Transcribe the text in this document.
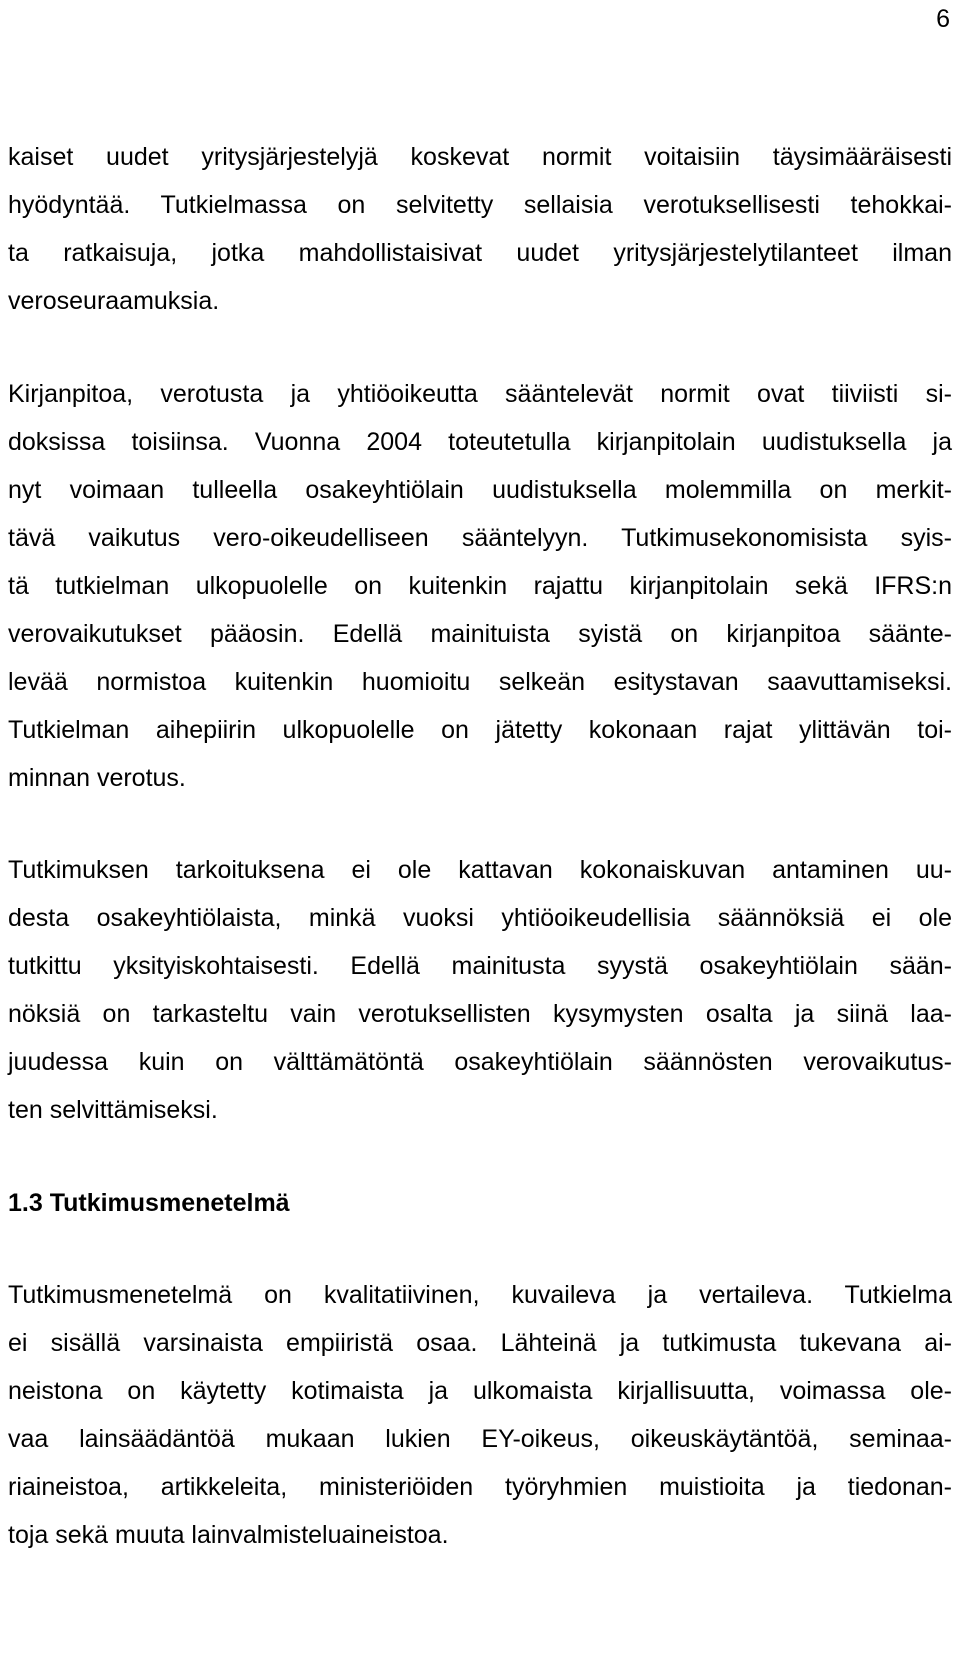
6
kaiset uudet yritysjärjestelyjä koskevat normit voitaisiin täysimääräisesti
hyödyntää. Tutkielmassa on selvitetty sellaisia verotuksellisesti tehokkai-
ta ratkaisuja, jotka mahdollistaisivat uudet yritysjärjestelytilanteet ilman
veroseuraamuksia.
Kirjanpitoa, verotusta ja yhtiöoikeutta sääntelevät normit ovat tiiviisti si-
doksissa toisiinsa. Vuonna 2004 toteutetulla kirjanpitolain uudistuksella ja
nyt voimaan tulleella osakeyhtiölain uudistuksella molemmilla on merkit-
tävä vaikutus vero-oikeudelliseen sääntelyyn. Tutkimusekonomisista syis-
tä tutkielman ulkopuolelle on kuitenkin rajattu kirjanpitolain sekä IFRS:n
verovaikutukset pääosin. Edellä mainituista syistä on kirjanpitoa säänte-
levää normistoa kuitenkin huomioitu selkeän esitystavan saavuttamiseksi.
Tutkielman aihepiirin ulkopuolelle on jätetty kokonaan rajat ylittävän toi-
minnan verotus.
Tutkimuksen tarkoituksena ei ole kattavan kokonaiskuvan antaminen uu-
desta osakeyhtiölaista, minkä vuoksi yhtiöoikeudellisia säännöksiä ei ole
tutkittu yksityiskohtaisesti. Edellä mainitusta syystä osakeyhtiölain sään-
nöksiä on tarkasteltu vain verotuksellisten kysymysten osalta ja siinä laa-
juudessa kuin on välttämätöntä osakeyhtiölain säännösten verovaikutus-
ten selvittämiseksi.
1.3 Tutkimusmenetelmä
Tutkimusmenetelmä on kvalitatiivinen, kuvaileva ja vertaileva. Tutkielma
ei sisällä varsinaista empiiristä osaa. Lähteinä ja tutkimusta tukevana ai-
neistona on käytetty kotimaista ja ulkomaista kirjallisuutta, voimassa ole-
vaa lainsäädäntöä mukaan lukien EY-oikeus, oikeuskäytäntöä, seminaa-
riaineistoa, artikkeleita, ministeriöiden työryhmien muistioita ja tiedonan-
toja sekä muuta lainvalmisteluaineistoa.
